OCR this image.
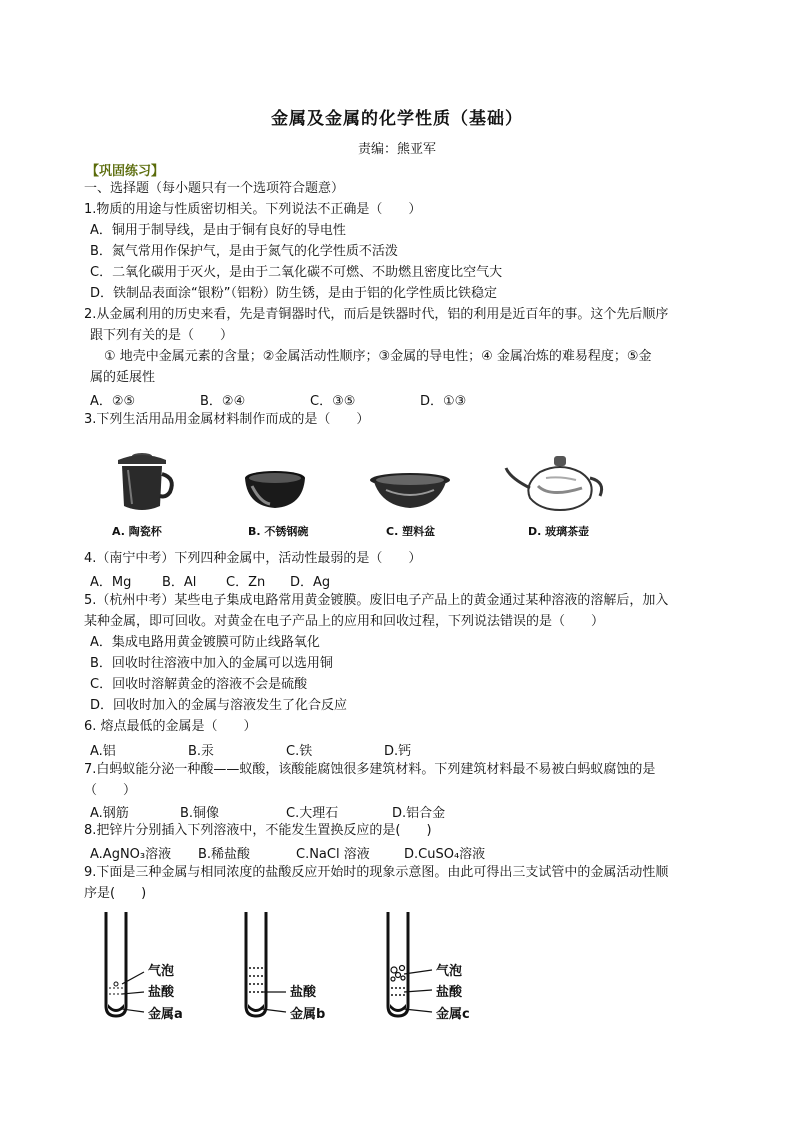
金属及金属的化学性质（基础）
责编：熊亚军
【巩固练习】
一、选择题（每小题只有一个选项符合题意）
1.物质的用途与性质密切相关。下列说法不正确是（　　）
A．铜用于制导线，是由于铜有良好的导电性
B．氮气常用作保护气，是由于氮气的化学性质不活泼
C．二氧化碳用于灭火，是由于二氧化碳不可燃、不助燃且密度比空气大
D．铁制品表面涂“银粉”（铝粉）防生锈，是由于铝的化学性质比铁稳定
2.从金属利用的历史来看，先是青铜器时代，而后是铁器时代，铝的利用是近百年的事。这个先后顺序
跟下列有关的是（　　）
① 地壳中金属元素的含量；②金属活动性顺序；③金属的导电性；④ 金属冶炼的难易程度；⑤金
属的延展性
A．②⑤	B．②④	C．③⑤	D．①③
3.下列生活用品用金属材料制作而成的是（　　）
A. 陶瓷杯	B. 不锈钢碗	C. 塑料盆	D. 玻璃茶壶
4.（南宁中考）下列四种金属中，活动性最弱的是（　　）
A．Mg B．Al C．Zn D．Ag
5.（杭州中考）某些电子集成电路常用黄金镀膜。废旧电子产品上的黄金通过某种溶液的溶解后，加入
某种金属，即可回收。对黄金在电子产品上的应用和回收过程，下列说法错误的是（　　）
A．集成电路用黄金镀膜可防止线路氧化
B．回收时往溶液中加入的金属可以选用铜
C．回收时溶解黄金的溶液不会是硫酸
D．回收时加入的金属与溶液发生了化合反应
6. 熔点最低的金属是（　　）
A.铝	B.汞	C.铁	D.钙
7.白蚂蚁能分泌一种酸——蚁酸，该酸能腐蚀很多建筑材料。下列建筑材料最不易被白蚂蚁腐蚀的是
（　　）
A.钢筋	B.铜像	C.大理石	D.铝合金
8.把锌片分别插入下列溶液中，不能发生置换反应的是(　　)
A.AgNO₃溶液 B.稀盐酸	C.NaCl 溶液	D.CuSO₄溶液
9.下面是三种金属与相同浓度的盐酸反应开始时的现象示意图。由此可得出三支试管中的金属活动性顺
序是(　　)
气泡
盐酸
金属a
盐酸
金属b
气泡
盐酸
金属c
